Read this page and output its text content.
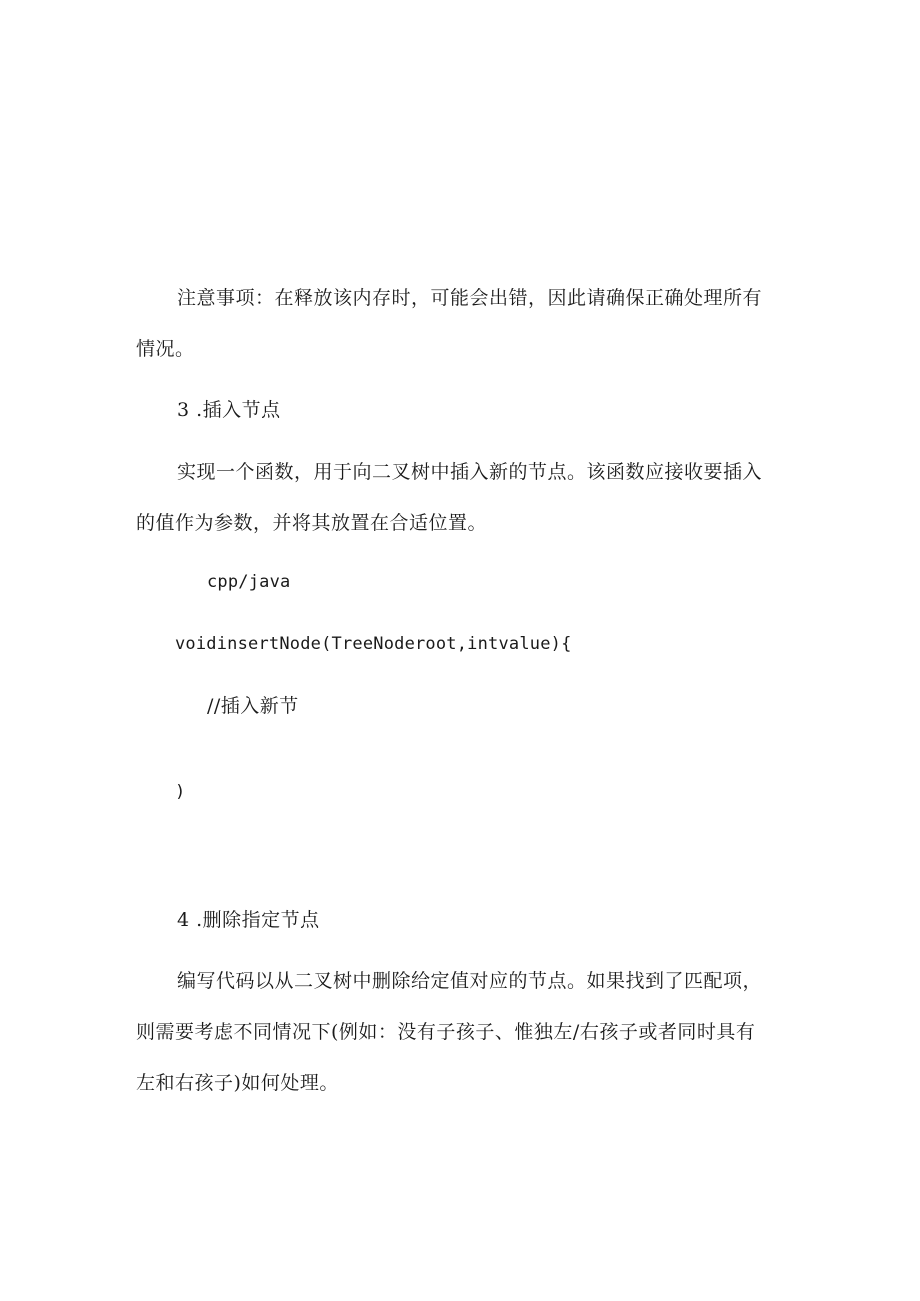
注意事项：在释放该内存时，可能会出错，因此请确保正确处理所有
情况。
3 .插入节点
实现一个函数，用于向二叉树中插入新的节点。该函数应接收要插入
的值作为参数，并将其放置在合适位置。
cpp/java
voidinsertNode(TreeNoderoot,intvalue){
//插入新节
)
4 .删除指定节点
编写代码以从二叉树中删除给定值对应的节点。如果找到了匹配项，
则需要考虑不同情况下(例如：没有子孩子、惟独左/右孩子或者同时具有
左和右孩子)如何处理。
